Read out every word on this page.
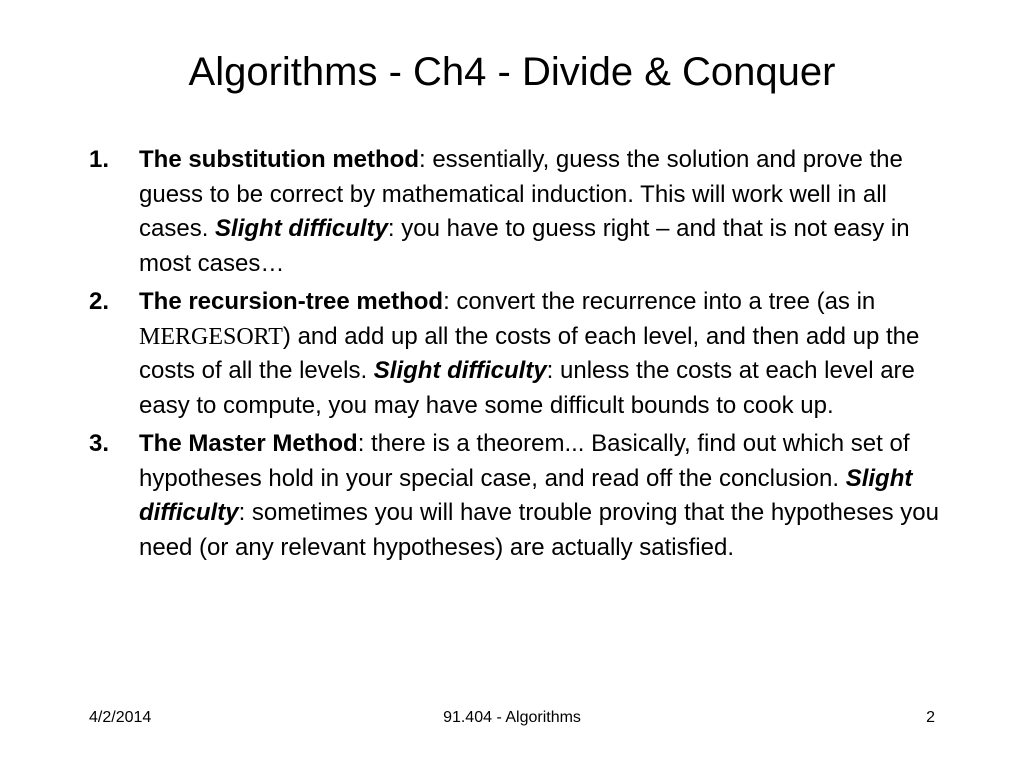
Algorithms - Ch4 - Divide & Conquer
1. The substitution method: essentially, guess the solution and prove the guess to be correct by mathematical induction. This will work well in all cases. Slight difficulty: you have to guess right – and that is not easy in most cases…
2. The recursion-tree method: convert the recurrence into a tree (as in MERGESORT) and add up all the costs of each level, and then add up the costs of all the levels. Slight difficulty: unless the costs at each level are easy to compute, you may have some difficult bounds to cook up.
3. The Master Method: there is a theorem... Basically, find out which set of hypotheses hold in your special case, and read off the conclusion. Slight difficulty: sometimes you will have trouble proving that the hypotheses you need (or any relevant hypotheses) are actually satisfied.
4/2/2014	91.404 - Algorithms	2
